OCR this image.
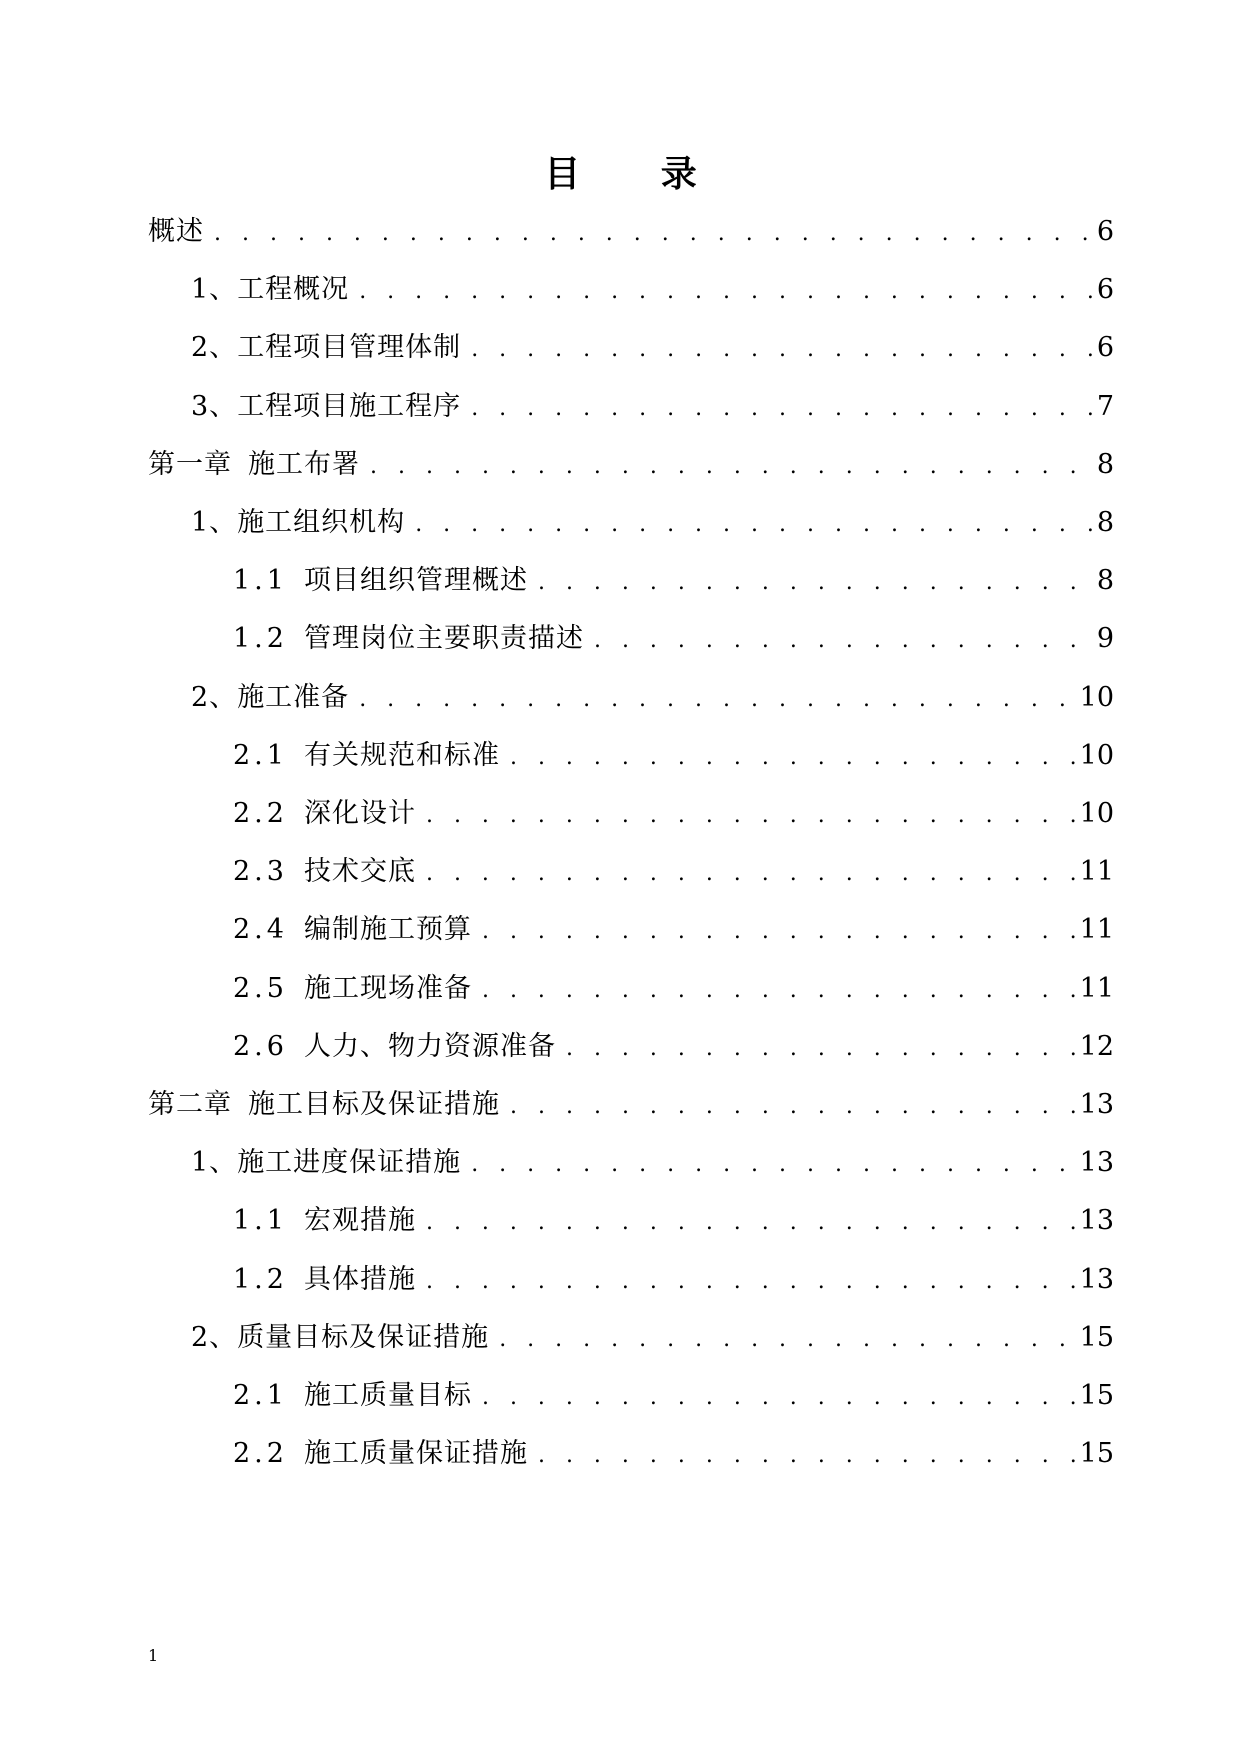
目 录
概述 . . .	6
1、工程概况 . . .	6
2、工程项目管理体制 . . .	6
3、工程项目施工程序 . . .	7
第一章 施工布署 . . .	8
1、施工组织机构 . . .	8
1.1 项目组织管理概述 . . .	8
1.2 管理岗位主要职责描述 . . .	9
2、施工准备 . . .	10
2.1 有关规范和标准 . . .	10
2.2 深化设计 . . .	10
2.3 技术交底 . . .	11
2.4 编制施工预算 . . .	11
2.5 施工现场准备 . . .	11
2.6 人力、物力资源准备 . . .	12
第二章 施工目标及保证措施 . . .	13
1、施工进度保证措施 . . .	13
1.1 宏观措施 . . .	13
1.2 具体措施 . . .	13
2、质量目标及保证措施 . . .	15
2.1 施工质量目标 . . .	15
2.2 施工质量保证措施 . . .	15
1
